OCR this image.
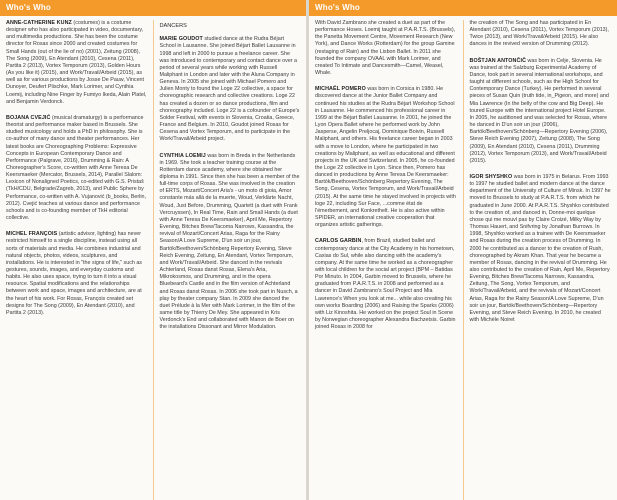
Who's Who

ANNE-CATHERINE KUNZ (costumes) is a costume designer who has also participated in video, documentary, and multimedia productions. She has been the costume director for Rosas since 2000 and created costumes for Small Hands (out of the lie of no) (2001), Zeitung (2008), The Song (2009), En Atendant (2010), Cesena (2011), Partita 2 (2013), Vortex Temporum (2013), Golden Hours (As you like it) (2015), and Work/Travail/Arbeid (2015), as well as for various productions by Josse De Pauw, Vincent Dunoyer, Deufert Plischke, Mark Lorimer, and Cynthia Loemij, including Nine Finger by Fumiyo Ikeda, Alain Platel, and Benjamin Verdonck.

BOJANA CVEJIĆ (musical dramaturgy) is a performance theorist and performance maker based in Brussels. She studied musicology and holds a PhD in philosophy. She is co-author of many dance and theater performances. Her latest books are Choreographing Problems: Expressive Concepts in European Contemporary Dance and Performance (Palgrave, 2016), Drumming & Rain: A Choreographer's Score, co-written with Anne Teresa De Keersmaeker (Mercator, Brussels, 2014), Parallel Slalom: Lexicon of Nonaligned Poetics, co-edited with G.S. Pristaš (TkH/CDU, Belgrade/Zagreb, 2013), and Public Sphere by Performance, co-written with A. Vujanović (b_books, Berlin, 2012). Cvejić teaches at various dance and performance schools and is co-founding member of TkH editorial collective.

MICHEL FRANÇOIS (artistic advisor, lighting) has never restricted himself to a single discipline, instead using all sorts of materials and media. He combines industrial and natural objects, photos, videos, sculptures, and installations. He is interested in "the signs of life," such as gestures, sounds, images, and everyday customs and habits. He also uses space, trying to turn it into a visual resource. Spatial modifications and the relationships between work and space, images and architecture, are at the heart of his work. For Rosas, François created set designs for The Song (2009), En Atendant (2010), and Partita 2 (2013).

DANCERS

MARIE GOUDOT studied dance at the Rudra Béjart School in Lausanne. She joined Béjart Ballet Lausanne in 1998 and left in 2000 to pursue a freelance career. She was introduced to contemporary and contact dance over a period of several years while working with Russell Maliphant in London and later with the Aluna Company in Geneva. In 2005 she joined with Michael Pomero and Julien Monty to found the Loge 22 collective, a space for choreographic research and collective creations. Loge 22 has created a dozen or so dance productions, film and choreography included. Loge 22 is a cofounder of Europe's Solder Festival, with events in Slovenia, Croatia, Greece, France and Belgium. In 2010, Goudot joined Rosas for Cesena and Vortex Temporum, and to participate in the Work/Travail/Arbeid project.

CYNTHIA LOEMIJ was born in Breda in the Netherlands in 1969. She took a teacher training course at the Rotterdam dance academy, where she obtained her diploma in 1991. Since then she has been a member of the full-time corps of Rosas. She was involved in the creation of ERTS, Mozart/Concert Aria's - un moto di gioia, Amor constante más allá de la muerte, Woud, Verklärte Nacht, Woud, Just Before, Drumming, Quartett (a duet with Frank Vercruyssen), In Real Time, Rain and Small Hands (a duet with Anne Teresa De Keersmaeker), April Me, Repertory Evening, Bitches Brew/Tacoma Narrows, Kassandra, the revival of Mozart/Concert Arias, Raga for the Rainy Season/A Love Supreme, D'un soir un jour, Bartók/Beethoven/Schönberg Repertory Evening, Steve Reich Evening, Zeitung, En Atendant, Vortex Temporum, and Work/Travail/Arbeid. She danced in the revivals Achterland, Rosas danst Rosas, Elena's Aria, Mikrokosmos, and Drumming, and in the opera Bluebeard's Castle and in the film version of Achterland and Rosas danst Rosas. In 2006 she took part in Nusch, a play by theater company Stan. In 2009 she danced the duet Prélude à la Mer with Mark Lorimer, in the film of the same title by Thierry De Mey. She appeared in Kris Verdonck's End and collaborated with Manon de Boer on the installations Dissonant and Mirror Modulation.

Who's Who

With David Zambrano she created a duet as part of the performance Hoses. Loemij taught at P.A.R.T.S. (Brussels), the Panetta Movement Centre, Movement Research (New York), and Dance Works (Rotterdam) for the group Gamine (restaging of Rain) and the Lisbon Ballet. In 2011 she founded the company OVAAL with Mark Lorimer, and created To Intimate and Dancesmith—Camel, Weasel, Whale.

MICHAËL POMERO was born in Corsica in 1980. He discovered dance at the Junior Ballet Company and continued his studies at the Rudra Béjart Workshop School in Lausanne. He commenced his professional career in 1999 at the Béjart Ballet Lausanne. In 2001, he joined the Lyon Opera Ballet where he performed work by John Jasperse, Angelin Preljocaj, Dominique Boivin, Russell Maliphant, and others. His freelance career began in 2003 with a move to London, where he participated in two creations by Maliphant, as well as educational and different projects in the UK and Switzerland. In 2005, he co-founded the Loge 22 collective in Lyon. Since then, Pomero has danced in productions by Anne Teresa De Keersmaeker: Bartók/Beethoven/Schönberg Repertory Evening, The Song, Cesena, Vortex Temporum, and Work/Travail/Arbeid (2015). At the same time he stayed involved in projects with loge 22, including Sur Face, ...comme état de l'émerbement, and Konkrethelt. He is also active within SPIDER, an international creative cooperation that organizes artistic gatherings.

CARLOS GARBIN, from Brazil, studied ballet and contemporary dance at the City Academy in his hometown, Caxias do Sul, while also dancing with the academy's company. At the same time he worked as a choreographer with local children for the social art project (BPM – Batidas Por Minuto. In 2004, Garbin moved to Brussels, where he graduated from P.A.R.T.S. in 2008 and performed as a dancer in David Zambrano's Soul Project and Mia Lawrence's When you look at me... while also creating his own works Boarding (2006) and Raising the Sparks (2006) with Liz Kinoshita. He worked on the project Soul in Scene by Norwegian choreographer Alexandra Bachzetsis. Garbin joined Rosas in 2008 for

the creation of The Song and has participated in En Atendant (2010), Cesena (2011), Vortex Temporum (2013), Twice (2013), and Work/Travail/Arbeid (2015). He also dances in the revived version of Drumming (2012).

BOŠTJAN ANTONČIČ was born in Celje, Slovenia. He was trained at the Salzburg Experimental Academy of Dance, took part in several international workshops, and taught at different schools, such as the High School for Contemporary Dance (Turkey). He performed in several pieces of Susan Quin (truth tide, in_Pigeon, and more) and Mia Lawrence (In the belly of the cow and Big Deep). He toured Europe with the international project Hotel Europe. In 2005, he auditioned and was selected for Rosas, where he danced in D'un soir un jour (2006), Bartók/Beethoven/Schönberg—Repertory Evening (2006), Steve Reich Evening (2007), Zeitung (2008), The Song (2009), En Atendant (2010), Cesena (2011), Drumming (2012), Vortex Temporum (2013), and Work/Travail/Arbeid (2015).

IGOR SHYSHKO was born in 1975 in Belarus. From 1993 to 1997 he studied ballet and modern dance at the dance department of the University of Culture of Minsk. In 1997 he moved to Brussels to study at P.A.R.T.S. from which he graduated in June 2000. At P.A.R.T.S. Shyshko contributed to the creation of, and danced in, Donne-moi quelque chose qui me mouvl pas by Claire Croizé, Milky Way by Thomas Hauert, and Snifvring by Jonathan Burrows. In 1998, Shyshko worked as a trainee with De Keersmaeker and Rosas during the creation process of Drumming. In 2000 he contributed as a dancer to the creation of Rush, choreographed by Akram Khan. That year he became a member of Rosas, dancing in the revival of Drumming. He also contributed to the creation of Rain, April Me, Repertory Evening, Bitches Brew/Tacoma Narrows, Kassandra, Zeitung, The Song, Vortex Temporum, and Work/Travail/Arbeid, and the revivals of Mozart/Concert Arias, Raga for the Rainy Season/A Love Supreme, D'un soir un jour, Bartók/Beethoven/Schönberg—Repertory Evening, and Steve Reich Evening. In 2010, he created with Michèle Noiret
